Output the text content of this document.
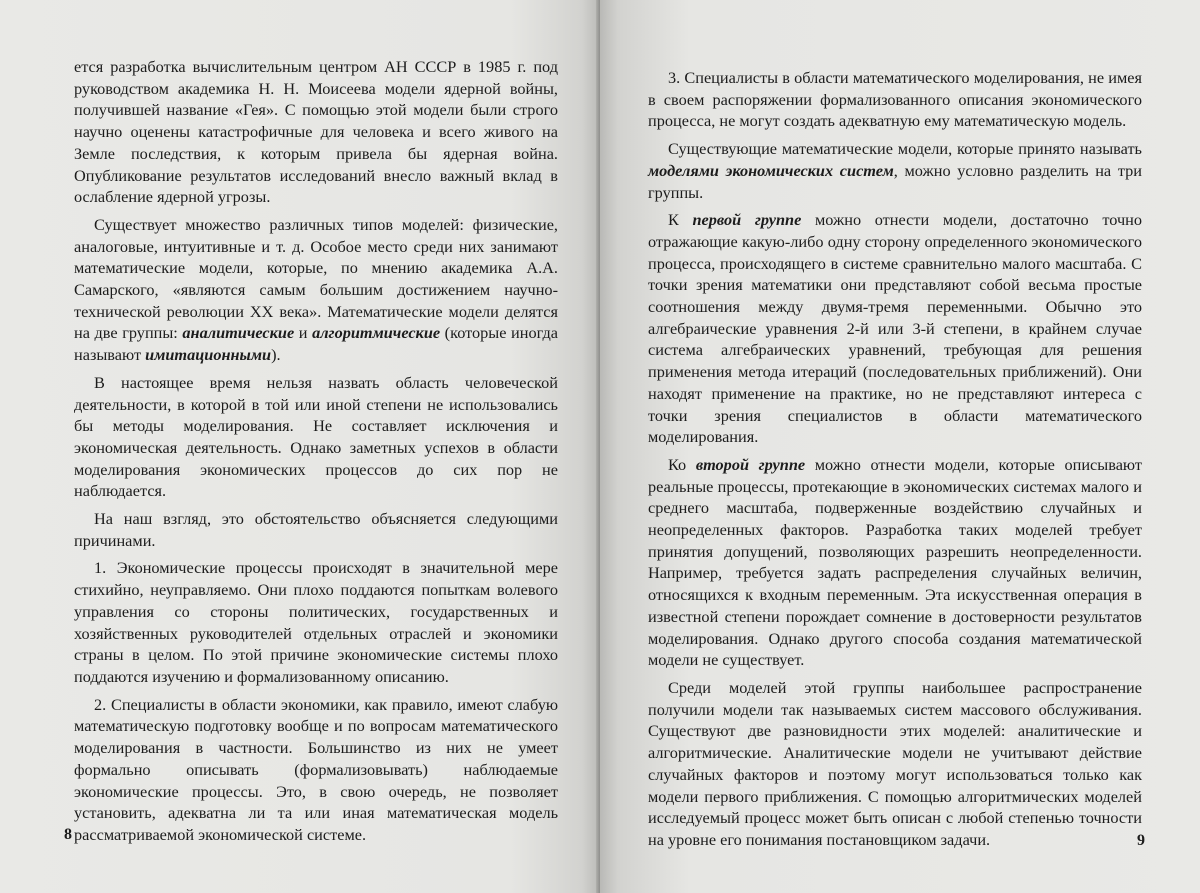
ется разработка вычислительным центром АН СССР в 1985 г. под руководством академика Н. Н. Моисеева модели ядерной войны, получившей название «Гея». С помощью этой модели были строго научно оценены катастрофичные для человека и всего живого на Земле последствия, к которым привела бы ядерная война. Опубликование результатов исследований внесло важный вклад в ослабление ядерной угрозы.

Существует множество различных типов моделей: физические, аналоговые, интуитивные и т. д. Особое место среди них занимают математические модели, которые, по мнению академика А.А. Самарского, «являются самым большим достижением научно-технической революции XX века». Математические модели делятся на две группы: аналитические и алгоритмические (которые иногда называют имитационными).

В настоящее время нельзя назвать область человеческой деятельности, в которой в той или иной степени не использовались бы методы моделирования. Не составляет исключения и экономическая деятельность. Однако заметных успехов в области моделирования экономических процессов до сих пор не наблюдается.

На наш взгляд, это обстоятельство объясняется следующими причинами.

1. Экономические процессы происходят в значительной мере стихийно, неуправляемо. Они плохо поддаются попыткам волевого управления со стороны политических, государственных и хозяйственных руководителей отдельных отраслей и экономики страны в целом. По этой причине экономические системы плохо поддаются изучению и формализованному описанию.

2. Специалисты в области экономики, как правило, имеют слабую математическую подготовку вообще и по вопросам математического моделирования в частности. Большинство из них не умеет формально описывать (формализовывать) наблюдаемые экономические процессы. Это, в свою очередь, не позволяет установить, адекватна ли та или иная математическая модель рассматриваемой экономической системе.

8

3. Специалисты в области математического моделирования, не имея в своем распоряжении формализованного описания экономического процесса, не могут создать адекватную ему математическую модель.

Существующие математические модели, которые принято называть моделями экономических систем, можно условно разделить на три группы.

К первой группе можно отнести модели, достаточно точно отражающие какую-либо одну сторону определенного экономического процесса, происходящего в системе сравнительно малого масштаба. С точки зрения математики они представляют собой весьма простые соотношения между двумя-тремя переменными. Обычно это алгебраические уравнения 2-й или 3-й степени, в крайнем случае система алгебраических уравнений, требующая для решения применения метода итераций (последовательных приближений). Они находят применение на практике, но не представляют интереса с точки зрения специалистов в области математического моделирования.

Ко второй группе можно отнести модели, которые описывают реальные процессы, протекающие в экономических системах малого и среднего масштаба, подверженные воздействию случайных и неопределенных факторов. Разработка таких моделей требует принятия допущений, позволяющих разрешить неопределенности. Например, требуется задать распределения случайных величин, относящихся к входным переменным. Эта искусственная операция в известной степени порождает сомнение в достоверности результатов моделирования. Однако другого способа создания математической модели не существует.

Среди моделей этой группы наибольшее распространение получили модели так называемых систем массового обслуживания. Существуют две разновидности этих моделей: аналитические и алгоритмические. Аналитические модели не учитывают действие случайных факторов и поэтому могут использоваться только как модели первого приближения. С помощью алгоритмических моделей исследуемый процесс может быть описан с любой степенью точности на уровне его понимания постановщиком задачи.	9
